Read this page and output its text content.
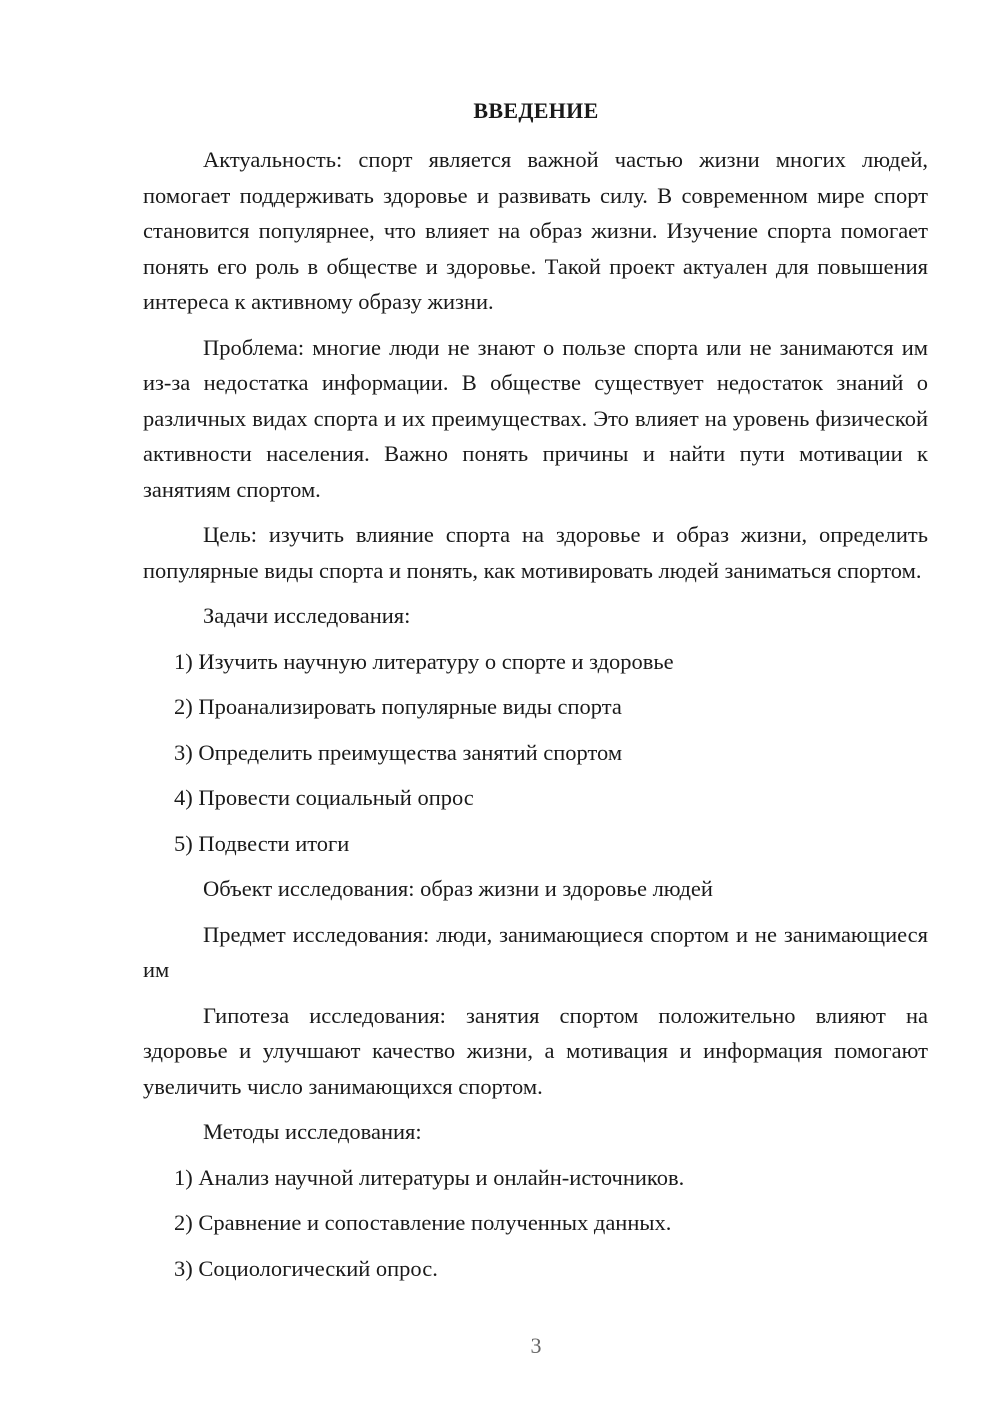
ВВЕДЕНИЕ

Актуальность: спорт является важной частью жизни многих людей, помогает поддерживать здоровье и развивать силу. В современном мире спорт становится популярнее, что влияет на образ жизни. Изучение спорта помогает понять его роль в обществе и здоровье. Такой проект актуален для повышения интереса к активному образу жизни.

Проблема: многие люди не знают о пользе спорта или не занимаются им из-за недостатка информации. В обществе существует недостаток знаний о различных видах спорта и их преимуществах. Это влияет на уровень физической активности населения. Важно понять причины и найти пути мотивации к занятиям спортом.

Цель: изучить влияние спорта на здоровье и образ жизни, определить популярные виды спорта и понять, как мотивировать людей заниматься спортом.

Задачи исследования:

1) Изучить научную литературу о спорте и здоровье

2) Проанализировать популярные виды спорта

3) Определить преимущества занятий спортом

4) Провести социальный опрос

5) Подвести итоги

Объект исследования: образ жизни и здоровье людей

Предмет исследования: люди, занимающиеся спортом и не занимающиеся им

Гипотеза исследования: занятия спортом положительно влияют на здоровье и улучшают качество жизни, а мотивация и информация помогают увеличить число занимающихся спортом.

Методы исследования:

1) Анализ научной литературы и онлайн-источников.

2) Сравнение и сопоставление полученных данных.

3) Социологический опрос.

3
